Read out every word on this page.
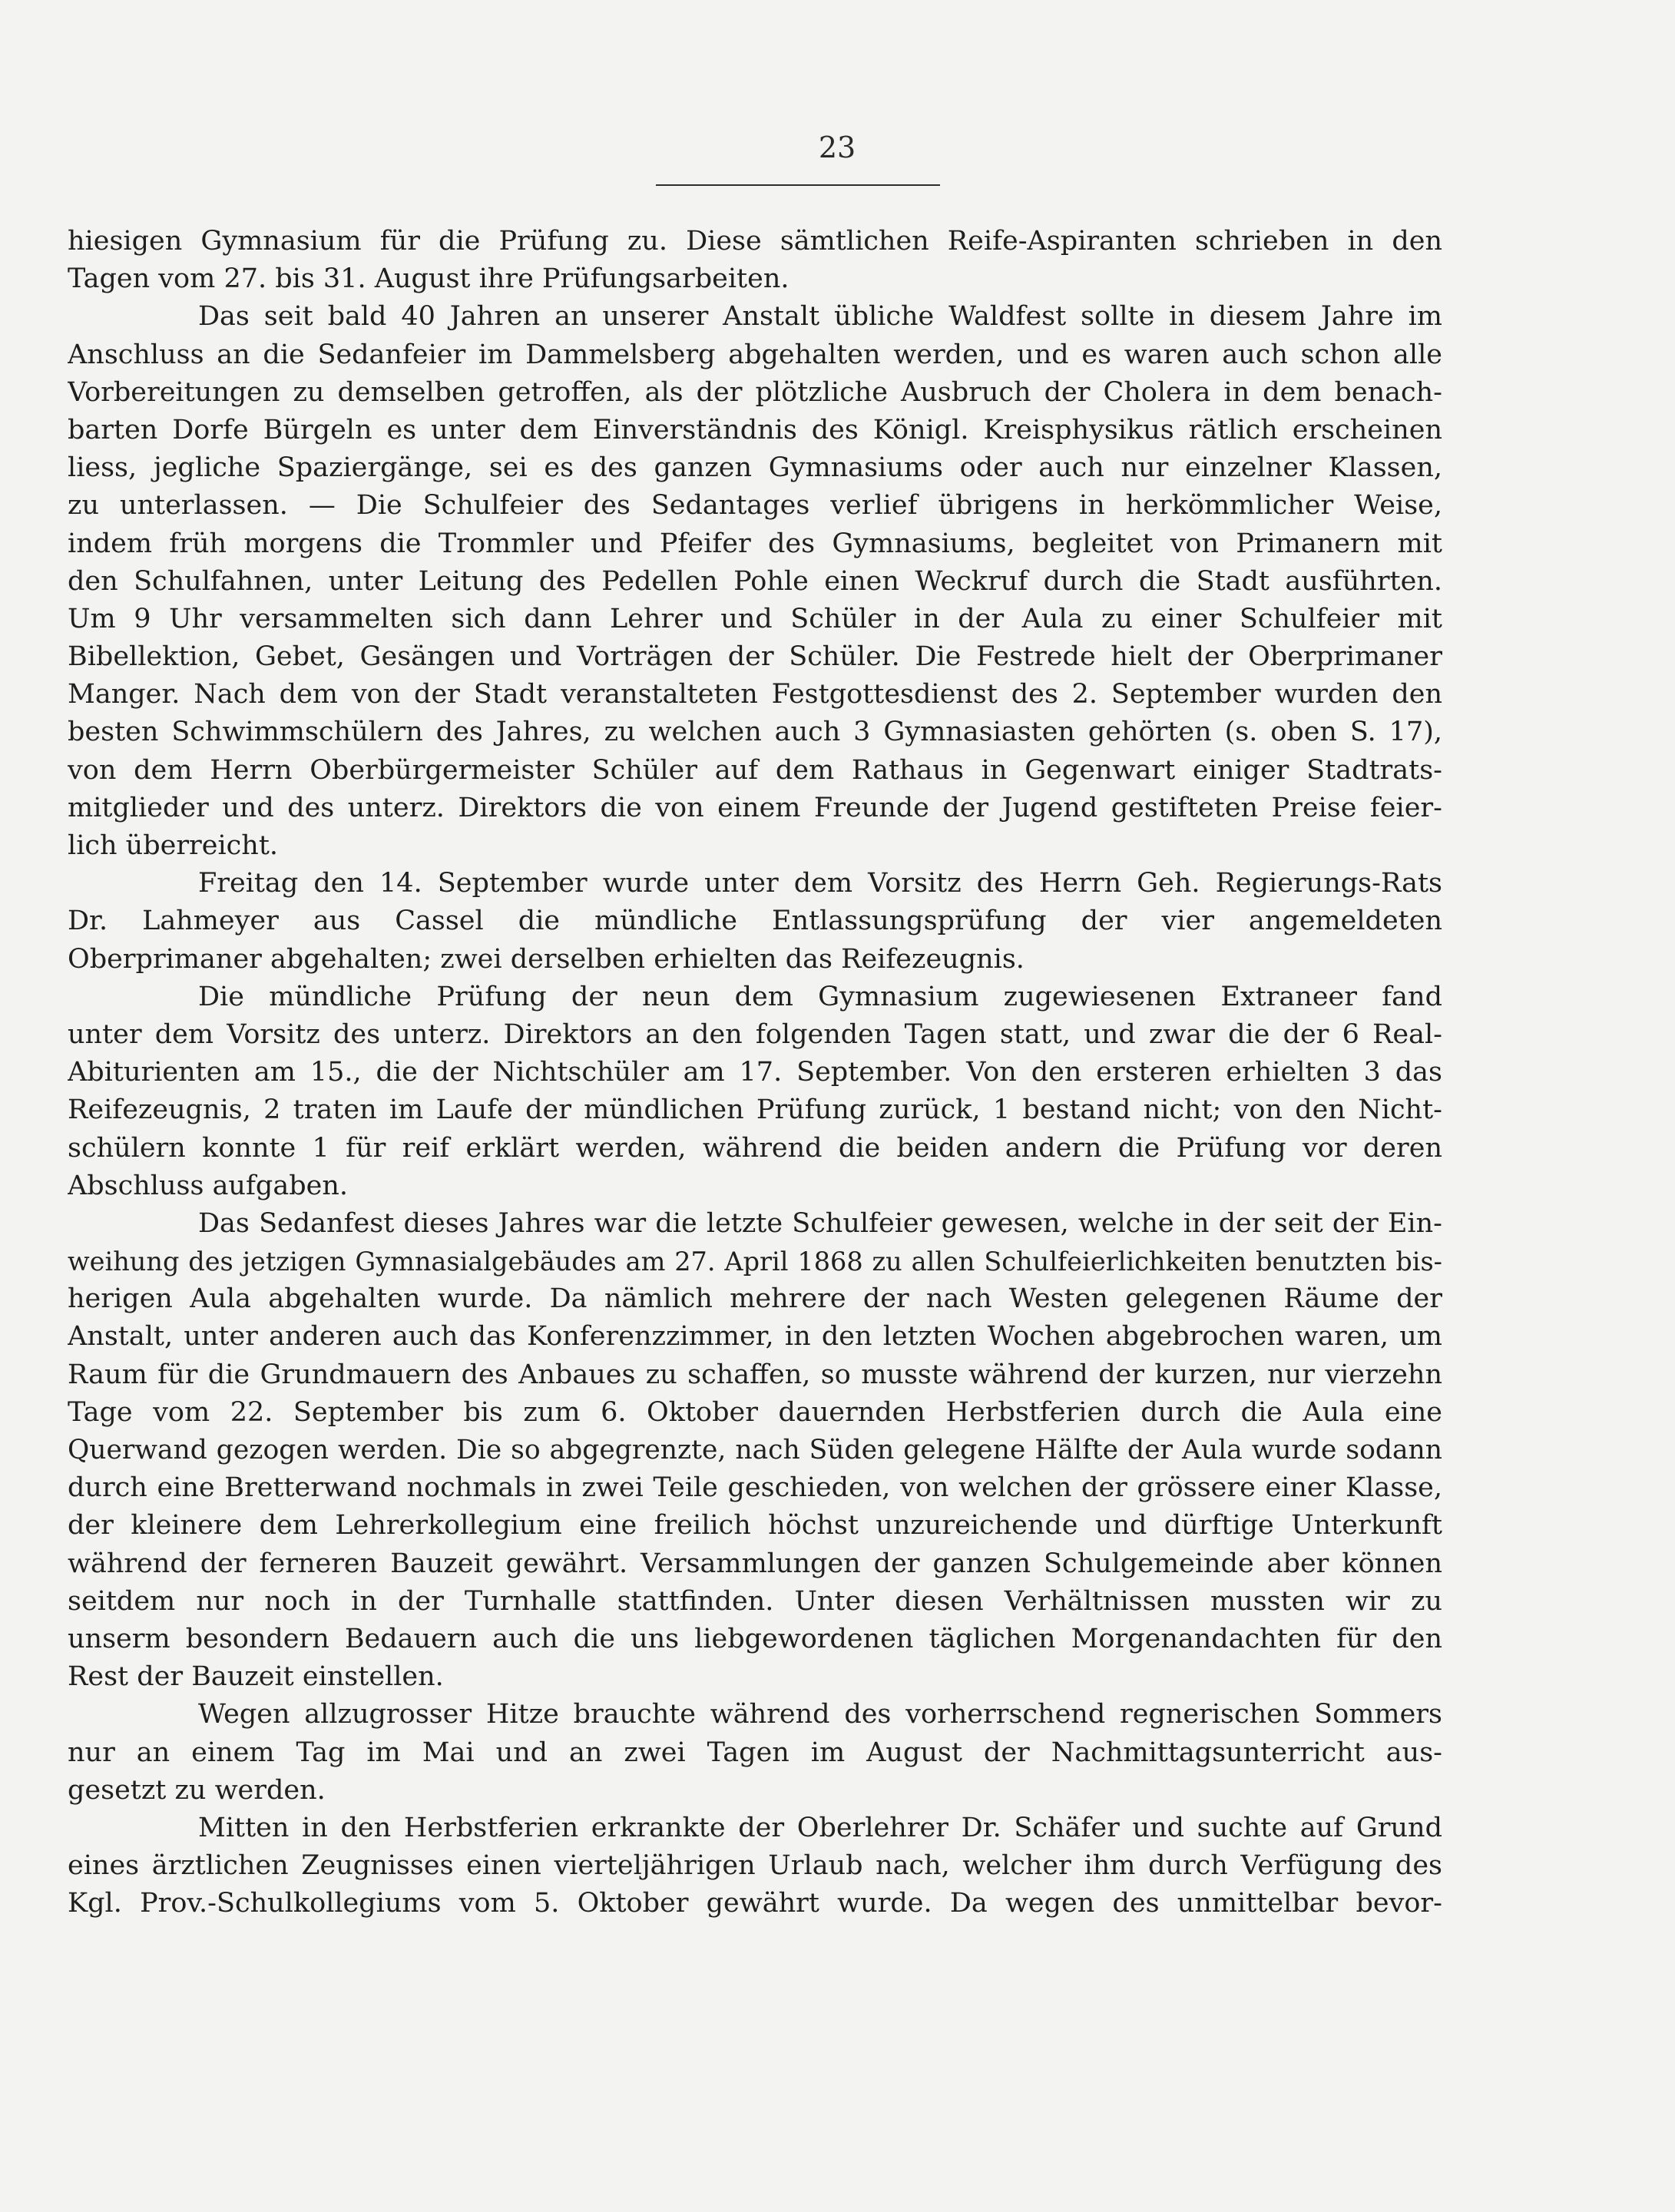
23
hiesigen Gymnasium für die Prüfung zu. Diese sämtlichen Reife-Aspiranten schrieben in den
Tagen vom 27. bis 31. August ihre Prüfungsarbeiten.
Das seit bald 40 Jahren an unserer Anstalt übliche Waldfest sollte in diesem Jahre im
Anschluss an die Sedanfeier im Dammelsberg abgehalten werden, und es waren auch schon alle
Vorbereitungen zu demselben getroffen, als der plötzliche Ausbruch der Cholera in dem benach-
barten Dorfe Bürgeln es unter dem Einverständnis des Königl. Kreisphysikus rätlich erscheinen
liess, jegliche Spaziergänge, sei es des ganzen Gymnasiums oder auch nur einzelner Klassen,
zu unterlassen. — Die Schulfeier des Sedantages verlief übrigens in herkömmlicher Weise,
indem früh morgens die Trommler und Pfeifer des Gymnasiums, begleitet von Primanern mit
den Schulfahnen, unter Leitung des Pedellen Pohle einen Weckruf durch die Stadt ausführten.
Um 9 Uhr versammelten sich dann Lehrer und Schüler in der Aula zu einer Schulfeier mit
Bibellektion, Gebet, Gesängen und Vorträgen der Schüler. Die Festrede hielt der Oberprimaner
Manger. Nach dem von der Stadt veranstalteten Festgottesdienst des 2. September wurden den
besten Schwimmschülern des Jahres, zu welchen auch 3 Gymnasiasten gehörten (s. oben S. 17),
von dem Herrn Oberbürgermeister Schüler auf dem Rathaus in Gegenwart einiger Stadtrats-
mitglieder und des unterz. Direktors die von einem Freunde der Jugend gestifteten Preise feier-
lich überreicht.
Freitag den 14. September wurde unter dem Vorsitz des Herrn Geh. Regierungs-Rats
Dr. Lahmeyer aus Cassel die mündliche Entlassungsprüfung der vier angemeldeten
Oberprimaner abgehalten; zwei derselben erhielten das Reifezeugnis.
Die mündliche Prüfung der neun dem Gymnasium zugewiesenen Extraneer fand
unter dem Vorsitz des unterz. Direktors an den folgenden Tagen statt, und zwar die der 6 Real-
Abiturienten am 15., die der Nichtschüler am 17. September. Von den ersteren erhielten 3 das
Reifezeugnis, 2 traten im Laufe der mündlichen Prüfung zurück, 1 bestand nicht; von den Nicht-
schülern konnte 1 für reif erklärt werden, während die beiden andern die Prüfung vor deren
Abschluss aufgaben.
Das Sedanfest dieses Jahres war die letzte Schulfeier gewesen, welche in der seit der Ein-
weihung des jetzigen Gymnasialgebäudes am 27. April 1868 zu allen Schulfeierlichkeiten benutzten bis-
herigen Aula abgehalten wurde. Da nämlich mehrere der nach Westen gelegenen Räume der
Anstalt, unter anderen auch das Konferenzzimmer, in den letzten Wochen abgebrochen waren, um
Raum für die Grundmauern des Anbaues zu schaffen, so musste während der kurzen, nur vierzehn
Tage vom 22. September bis zum 6. Oktober dauernden Herbstferien durch die Aula eine
Querwand gezogen werden. Die so abgegrenzte, nach Süden gelegene Hälfte der Aula wurde sodann
durch eine Bretterwand nochmals in zwei Teile geschieden, von welchen der grössere einer Klasse,
der kleinere dem Lehrerkollegium eine freilich höchst unzureichende und dürftige Unterkunft
während der ferneren Bauzeit gewährt. Versammlungen der ganzen Schulgemeinde aber können
seitdem nur noch in der Turnhalle stattfinden. Unter diesen Verhältnissen mussten wir zu
unserm besondern Bedauern auch die uns liebgewordenen täglichen Morgenandachten für den
Rest der Bauzeit einstellen.
Wegen allzugrosser Hitze brauchte während des vorherrschend regnerischen Sommers
nur an einem Tag im Mai und an zwei Tagen im August der Nachmittagsunterricht aus-
gesetzt zu werden.
Mitten in den Herbstferien erkrankte der Oberlehrer Dr. Schäfer und suchte auf Grund
eines ärztlichen Zeugnisses einen vierteljährigen Urlaub nach, welcher ihm durch Verfügung des
Kgl. Prov.-Schulkollegiums vom 5. Oktober gewährt wurde. Da wegen des unmittelbar bevor-
